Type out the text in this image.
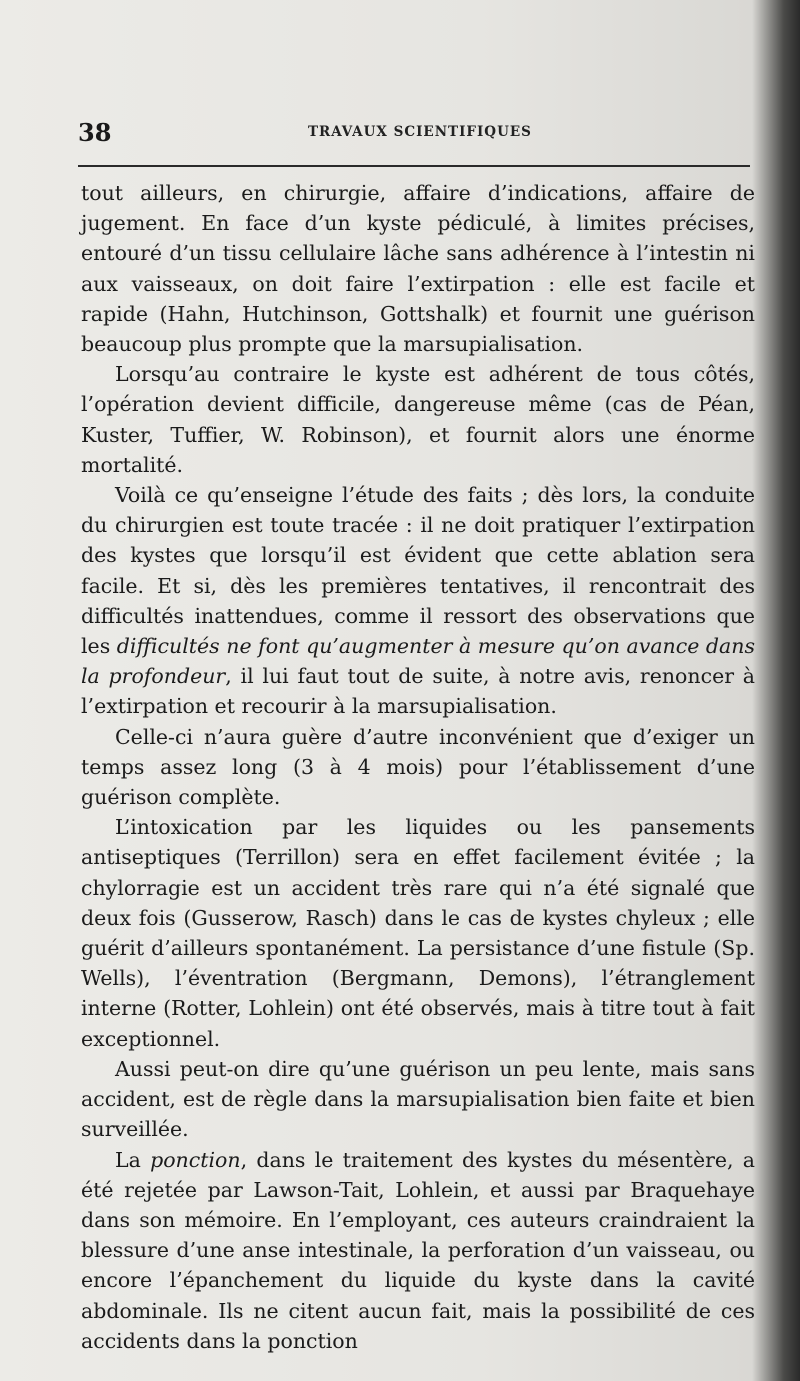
38	TRAVAUX SCIENTIFIQUES

tout ailleurs, en chirurgie, affaire d’indications, affaire de jugement. En face d’un kyste pédiculé, à limites précises, entouré d’un tissu cellulaire lâche sans adhérence à l’intestin ni aux vaisseaux, on doit faire l’extirpation : elle est facile et rapide (Hahn, Hutchinson, Gottshalk) et fournit une guérison beaucoup plus prompte que la marsupialisation.

Lorsqu’au contraire le kyste est adhérent de tous côtés, l’opération devient difficile, dangereuse même (cas de Péan, Kuster, Tuffier, W. Robinson), et fournit alors une énorme mortalité.

Voilà ce qu’enseigne l’étude des faits ; dès lors, la conduite du chirurgien est toute tracée : il ne doit pratiquer l’extirpation des kystes que lorsqu’il est évident que cette ablation sera facile. Et si, dès les premières tentatives, il rencontrait des difficultés inattendues, comme il ressort des observations que les difficultés ne font qu’augmenter à mesure qu’on avance dans la profondeur, il lui faut tout de suite, à notre avis, renoncer à l’extirpation et recourir à la marsupialisation.

Celle-ci n’aura guère d’autre inconvénient que d’exiger un temps assez long (3 à 4 mois) pour l’établissement d’une guérison complète.

L’intoxication par les liquides ou les pansements antiseptiques (Terrillon) sera en effet facilement évitée ; la chylorragie est un accident très rare qui n’a été signalé que deux fois (Gusserow, Rasch) dans le cas de kystes chyleux ; elle guérit d’ailleurs spontanément. La persistance d’une fistule (Sp. Wells), l’éventration (Bergmann, Demons), l’étranglement interne (Rotter, Lohlein) ont été observés, mais à titre tout à fait exceptionnel.

Aussi peut-on dire qu’une guérison un peu lente, mais sans accident, est de règle dans la marsupialisation bien faite et bien surveillée.

La ponction, dans le traitement des kystes du mésentère, a été rejetée par Lawson-Tait, Lohlein, et aussi par Braquehaye dans son mémoire. En l’employant, ces auteurs craindraient la blessure d’une anse intestinale, la perforation d’un vaisseau, ou encore l’épanchement du liquide du kyste dans la cavité abdominale. Ils ne citent aucun fait, mais la possibilité de ces accidents dans la ponction
